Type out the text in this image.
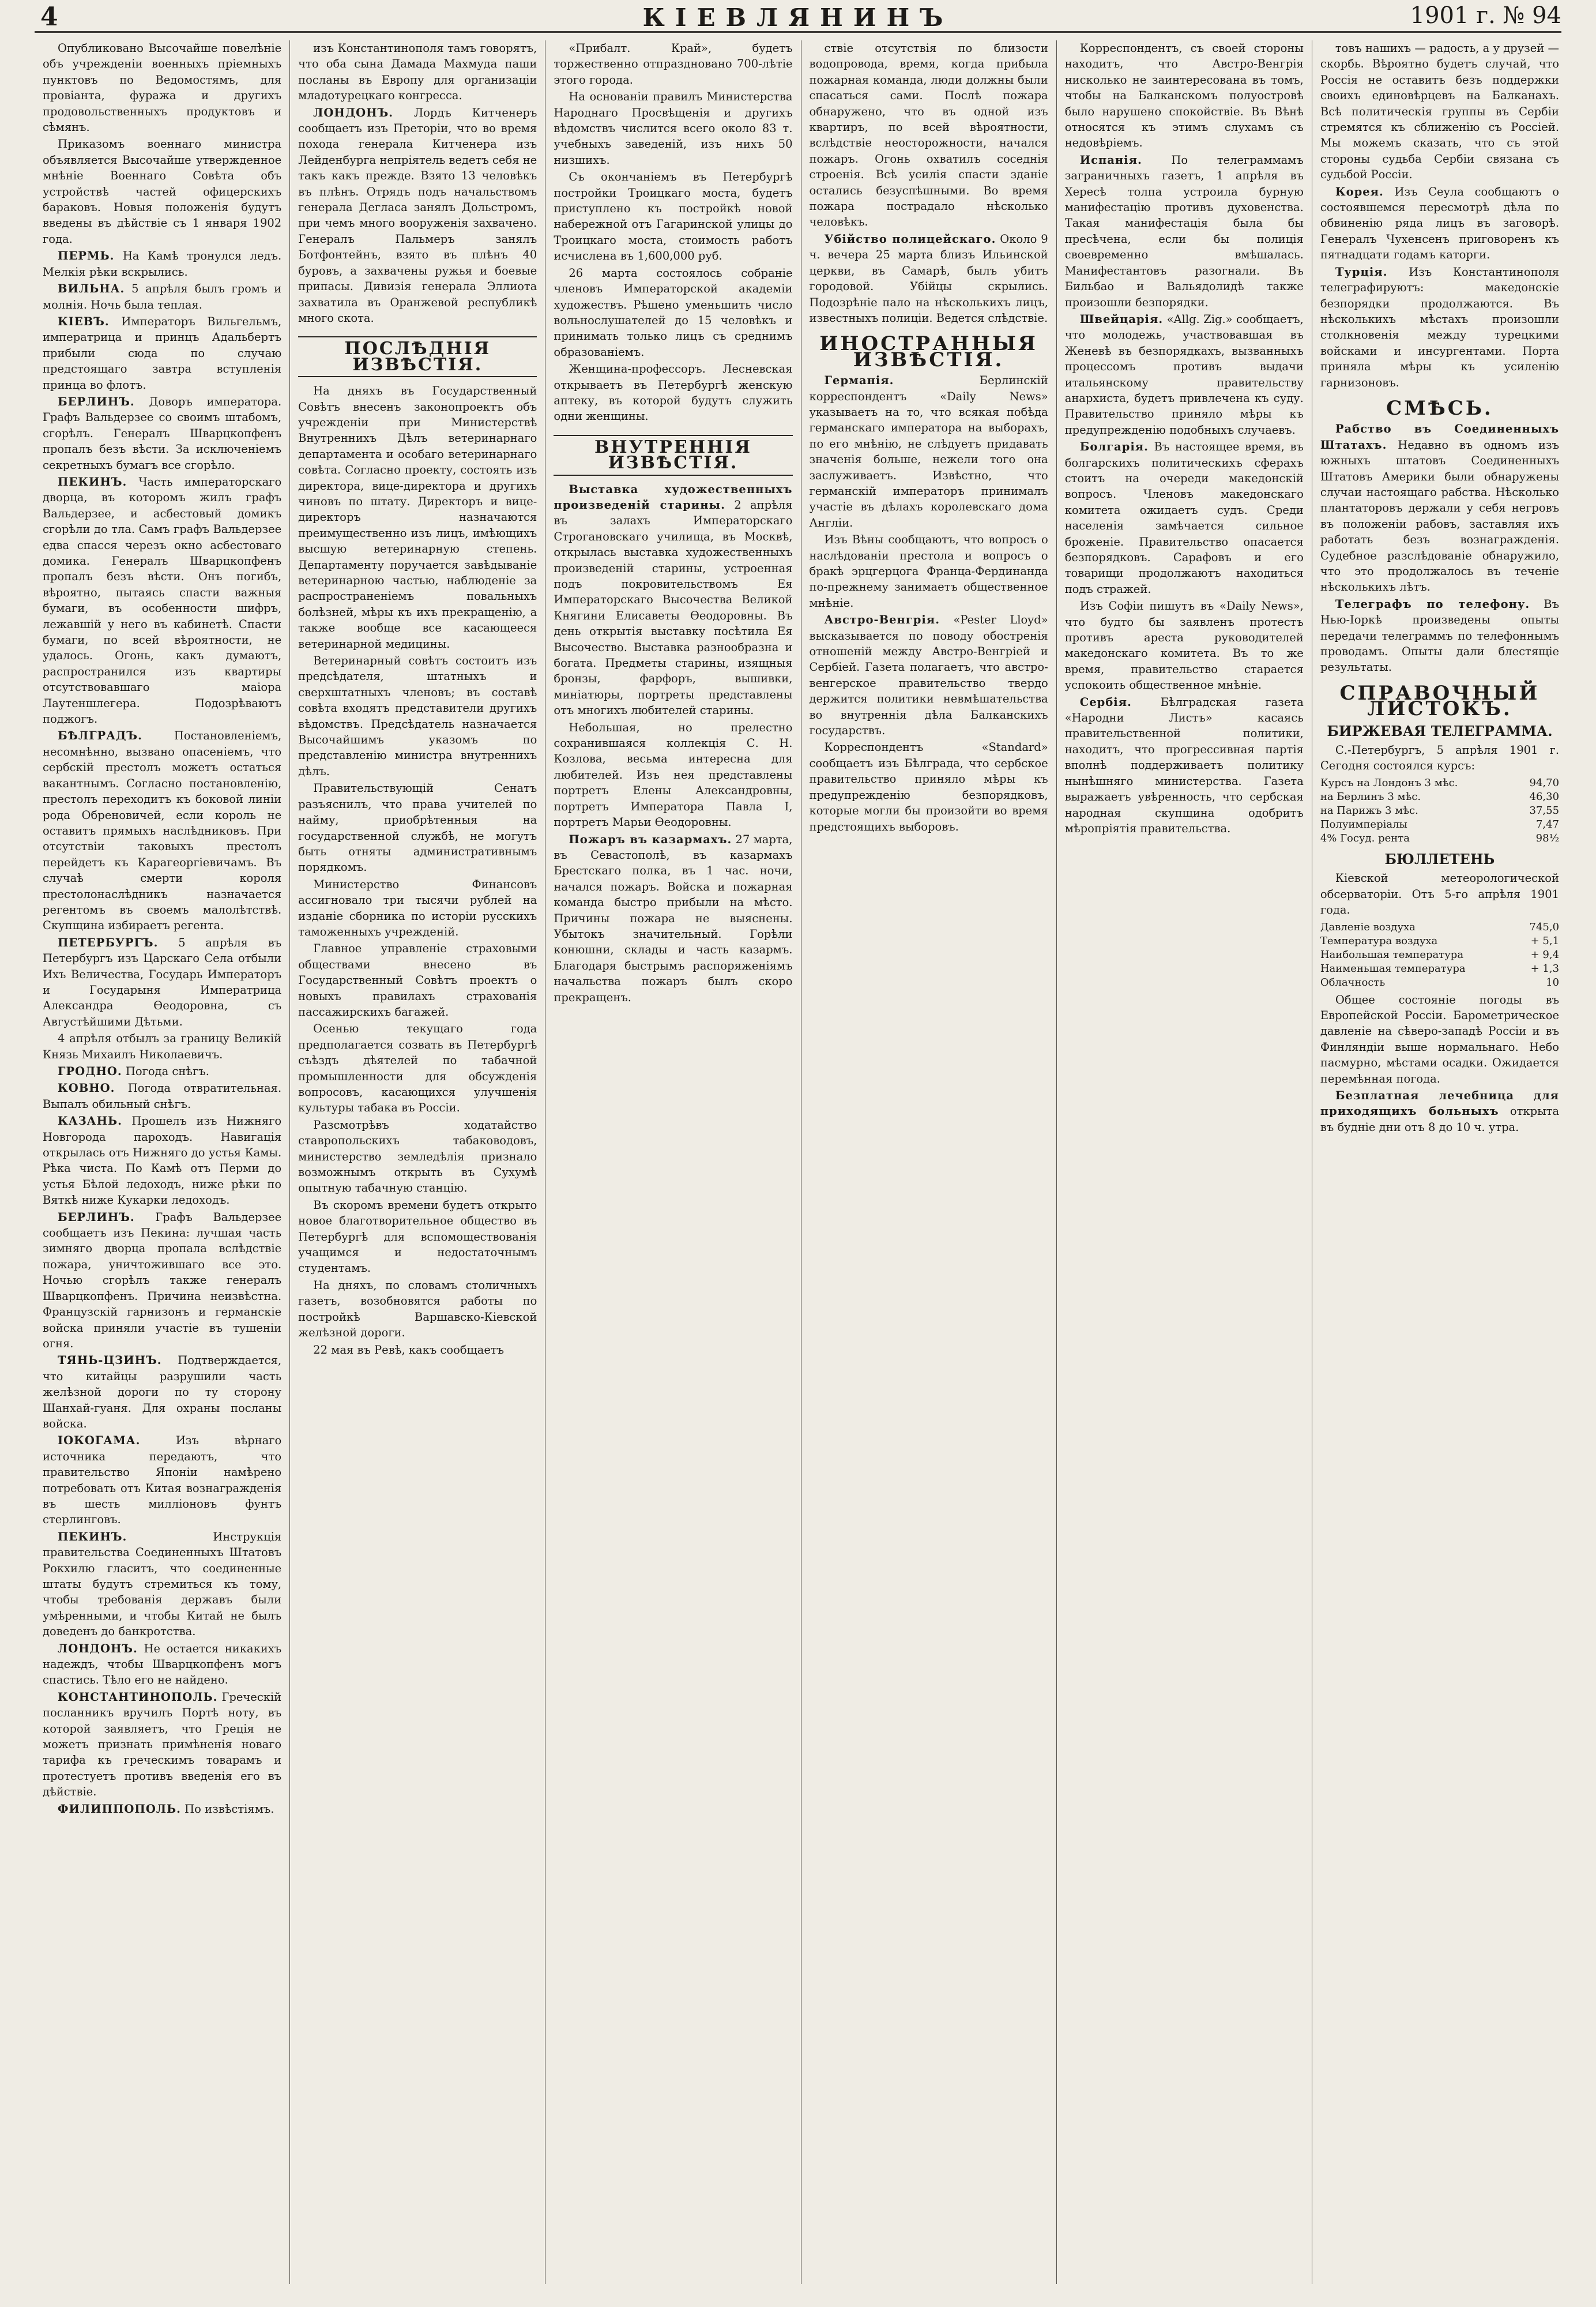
4	КІЕВЛЯНИНЪ	1901 г. № 94

Опубликовано Высочайше повелѣніе объ учрежденіи военныхъ пріемныхъ пунктовъ по Ведомостямъ, для провіанта, фуража и другихъ продовольственныхъ продуктовъ и сѣмянъ.

Приказомъ военнаго министра объявляется Высочайше утвержденное мнѣніе Военнаго Совѣта объ устройствѣ частей офицерскихъ бараковъ. Новыя положенія будутъ введены въ дѣйствіе съ 1 января 1902 года.

ПЕРМЬ. На Камѣ тронулся ледъ. Мелкія рѣки вскрылись.

ВИЛЬНА. 5 апрѣля былъ громъ и молнія. Ночь была теплая.

КІЕВЪ. Императоръ Вильгельмъ, императрица и принцъ Адальбертъ прибыли сюда по случаю предстоящаго завтра вступленія принца во флотъ.

БЕРЛИНЪ. Доворъ императора. Графъ Вальдерзее со своимъ штабомъ, сгорѣлъ. Генералъ Шварцкопфенъ пропалъ безъ вѣсти. За исключеніемъ секретныхъ бумагъ все сгорѣло.

ПЕКИНЪ. Часть императорскаго дворца, въ которомъ жилъ графъ Вальдерзее, и асбестовый домикъ сгорѣли до тла. Самъ графъ Вальдерзее едва спасся черезъ окно асбестоваго домика. Генералъ Шварцкопфенъ пропалъ безъ вѣсти. Онъ погибъ, вѣроятно, пытаясь спасти важныя бумаги, въ особенности шифръ, лежавшій у него въ кабинетѣ. Спасти бумаги, по всей вѣроятности, не удалось. Огонь, какъ думаютъ, распространился изъ квартиры отсутствовавшаго маіора Лаутеншлегера. Подозрѣваютъ поджогъ.

БѢЛГРАДЪ.	Постановленіемъ, несомнѣнно, вызвано опасеніемъ, что сербскій престолъ можетъ остаться вакантнымъ. Согласно постановленію, престолъ переходитъ къ боковой линіи рода Обреновичей, если король не оставитъ прямыхъ наслѣдниковъ. При отсутствіи таковыхъ престолъ перейдетъ къ Карагеоргіевичамъ. Въ случаѣ смерти короля престолонаслѣдникъ назначается регентомъ въ своемъ малолѣтствѣ. Скупщина избираетъ регента.

ПЕТЕРБУРГЪ. 5 апрѣля въ Петербургъ изъ Царскаго Села отбыли Ихъ Величества, Государь Императоръ и Государыня Императрица Александра Ѳеодоровна, съ Августѣйшими Дѣтьми.

4 апрѣля отбылъ за границу Великій Князь Михаилъ Николаевичъ.

ГРОДНО. Погода снѣгъ.

КОВНО. Погода отвратительная. Выпалъ обильный снѣгъ.

КАЗАНЬ. Прошелъ изъ Нижняго Новгорода пароходъ. Навигація открылась отъ Нижняго до устья Камы. Рѣка чиста. По Камѣ отъ Перми до устья Бѣлой ледоходъ, ниже рѣки по Вяткѣ ниже Кукарки ледоходъ.

БЕРЛИНЪ. Графъ Вальдерзее сообщаетъ изъ Пекина: лучшая часть зимняго дворца пропала вслѣдствіе пожара, уничтожившаго все это. Ночью сгорѣлъ также генералъ Шварцкопфенъ. Причина неизвѣстна. Французскій гарнизонъ и германскіе войска приняли участіе въ тушеніи огня.

ТЯНЬ-ЦЗИНЪ. Подтверждается, что китайцы разрушили часть желѣзной дороги по ту сторону Шанхай-гуаня. Для охраны посланы войска.

ІОКОГАМА.	Изъ вѣрнаго источника передаютъ, что правительство Японіи намѣрено потребовать отъ Китая вознагражденія въ шесть милліоновъ фунтъ стерлинговъ.

ПЕКИНЪ.	Инструкція правительства Соединенныхъ Штатовъ Рокхилю гласитъ, что соединенные штаты будутъ стремиться къ тому, чтобы требованія державъ были умѣренными, и чтобы Китай не былъ доведенъ до банкротства.

ЛОНДОНЪ. Не остается никакихъ надеждъ, чтобы Шварцкопфенъ могъ спастись. Тѣло его не найдено.

КОНСТАНТИНОПОЛЬ. Греческій посланникъ вручилъ Портѣ ноту, въ которой заявляетъ, что Греція не можетъ признать примѣненія новаго тарифа къ греческимъ товарамъ и протестуетъ противъ введенія его въ дѣйствіе.

ФИЛИППОПОЛЬ. По извѣстіямъ.

изъ Константинополя тамъ говорятъ, что оба сына Дамада Махмуда паши посланы въ Европу для организаціи младотурецкаго конгресса.

ЛОНДОНЪ. Лордъ Китченеръ сообщаетъ изъ Преторіи, что во время похода генерала Китченера изъ Лейденбурга непріятель ведетъ себя не такъ какъ прежде. Взято 13 человѣкъ въ плѣнъ. Отрядъ подъ начальствомъ генерала Дегласа занялъ Дольстромъ, при чемъ много вооруженія захвачено. Генералъ Пальмеръ занялъ Ботфонтейнъ, взято въ плѣнъ 40 буровъ, а захвачены ружья и боевые припасы. Дивизія генерала Эллиота захватила въ Оранжевой республикѣ много скота.

ПОСЛѢДНІЯ ИЗВѢСТІЯ.

На дняхъ въ Государственный Совѣтъ внесенъ законопроектъ объ учрежденіи при Министерствѣ Внутреннихъ Дѣлъ ветеринарнаго департамента и особаго ветеринарнаго совѣта. Согласно проекту, состоять изъ директора, вице-директора и другихъ чиновъ по штату. Директоръ и вице-директоръ назначаются преимущественно изъ лицъ, имѣющихъ высшую ветеринарную степень. Департаменту поручается завѣдываніе ветеринарною частью, наблюденіе за распространеніемъ повальныхъ болѣзней, мѣры къ ихъ прекращенію, а также вообще все касающееся ветеринарной медицины.

Ветеринарный совѣтъ состоитъ изъ предсѣдателя, штатныхъ и сверхштатныхъ членовъ; въ составѣ совѣта входятъ представители другихъ вѣдомствъ. Предсѣдатель назначается Высочайшимъ указомъ по представленію министра внутреннихъ дѣлъ.

Правительствующій Сенатъ разъяснилъ, что права учителей по найму, приобрѣтенныя на государственной службѣ, не могутъ быть отняты административнымъ порядкомъ.

Министерство Финансовъ ассигновало три тысячи рублей на изданіе сборника по исторіи русскихъ таможенныхъ учрежденій.

Главное управленіе страховыми обществами внесено въ Государственный Совѣтъ проектъ о новыхъ правилахъ страхованія пассажирскихъ багажей.

Осенью текущаго года предполагается созвать въ Петербургѣ съѣздъ дѣятелей по табачной промышленности для обсужденія вопросовъ, касающихся улучшенія культуры табака въ Россіи.

Разсмотрѣвъ ходатайство ставропольскихъ табаководовъ, министерство земледѣлія признало возможнымъ открыть въ Сухумѣ опытную табачную станцію.

Въ скоромъ времени будетъ открыто новое благотворительное общество въ Петербургѣ для вспомоществованія учащимся и недостаточнымъ студентамъ.

На дняхъ, по словамъ столичныхъ газетъ, возобновятся работы по постройкѣ Варшавско-Кіевской желѣзной дороги.

22 мая въ Ревѣ, какъ сообщаетъ

«Прибалт. Край», будетъ торжественно отпраздновано 700-лѣтіе этого города.

На основаніи правилъ Министерства Народнаго Просвѣщенія и другихъ вѣдомствъ числится всего около 83 т. учебныхъ заведеній, изъ нихъ 50 низшихъ.

Съ окончаніемъ въ Петербургѣ постройки Троицкаго моста, будетъ приступлено къ постройкѣ новой набережной отъ Гагаринской улицы до Троицкаго моста, стоимость работъ исчислена въ 1,600,000 руб.

26 марта состоялось собраніе членовъ Императорской академіи художествъ. Рѣшено уменьшить число вольнослушателей до 15 человѣкъ и принимать только лицъ съ среднимъ образованіемъ.

Женщина-профессоръ. Лесневская открываетъ въ Петербургѣ женскую аптеку, въ которой будутъ служить одни женщины.

ВНУТРЕННІЯ ИЗВѢСТІЯ.

Выставка художественныхъ произведеній старины. 2 апрѣля въ залахъ Императорскаго Строгановскаго училища, въ Москвѣ, открылась выставка художественныхъ произведеній старины, устроенная подъ покровительствомъ Ея Императорскаго Высочества Великой Княгини Елисаветы Ѳеодоровны. Въ день открытія выставку посѣтила Ея Высочество. Выставка разнообразна и богата. Предметы старины, изящныя бронзы, фарфоръ, вышивки, миніатюры, портреты представлены отъ многихъ любителей старины.

Небольшая, но прелестно сохранившаяся коллекція С. Н. Козлова, весьма интересна для любителей. Изъ нея представлены портретъ Елены Александровны, портретъ Императора Павла I, портретъ Марьи Ѳеодоровны.

Пожаръ въ казармахъ. 27 марта, въ Севастополѣ, въ казармахъ Брестскаго полка, въ 1 час. ночи, начался пожаръ. Войска и пожарная команда быстро прибыли на мѣсто. Причины пожара не выяснены. Убытокъ значительный. Горѣли конюшни, склады и часть казармъ. Благодаря быстрымъ распоряженіямъ начальства пожаръ былъ скоро прекращенъ.

ствіе отсутствія по близости водопровода, время, когда прибыла пожарная команда, люди должны были спасаться сами. Послѣ пожара обнаружено, что въ одной изъ квартиръ, по всей вѣроятности, вслѣдствіе неосторожности, начался пожаръ. Огонь охватилъ соседнія строенія. Всѣ усилія спасти зданіе остались безуспѣшными. Во время пожара пострадало нѣсколько человѣкъ.

Убійство полицейскаго. Около 9 ч. вечера 25 марта близъ Ильинской церкви, въ Самарѣ, былъ убитъ городовой. Убійцы скрылись. Подозрѣніе пало на нѣсколькихъ лицъ, известныхъ полиціи. Ведется слѣдствіе.

ИНОСТРАННЫЯ ИЗВѢСТІЯ.

Германія.	Берлинскій корреспондентъ «Daily News» указываетъ на то, что всякая побѣда германскаго императора на выборахъ, по его мнѣнію, не слѣдуетъ придавать значенія больше, нежели того она заслуживаетъ. Извѣстно, что германскій императоръ принималъ участіе въ дѣлахъ королевскаго дома Англіи.

Изъ Вѣны сообщаютъ, что вопросъ о наслѣдованіи престола и вопросъ о бракѣ эрцгерцога Франца-Фердинанда по-прежнему занимаетъ общественное мнѣніе.

Австро-Венгрія. «Pester Lloyd» высказывается по поводу обостренія отношеній между Австро-Венгріей и Сербіей. Газета полагаетъ, что австро-венгерское правительство твердо держится политики невмѣшательства во внутреннія дѣла Балканскихъ государствъ.

Корреспондентъ «Standard» сообщаетъ изъ Бѣлграда, что сербское правительство приняло мѣры къ предупрежденію безпорядковъ, которые могли бы произойти во время предстоящихъ выборовъ.

Корреспондентъ, съ своей стороны находитъ, что Австро-Венгрія нисколько не заинтересована въ томъ, чтобы на Балканскомъ полуостровѣ было нарушено спокойствіе. Въ Вѣнѣ относятся къ этимъ слухамъ съ недовѣріемъ.

Испанія.	По телеграммамъ заграничныхъ газетъ, 1 апрѣля въ Хересѣ толпа устроила бурную манифестацію противъ духовенства. Такая манифестація была бы пресѣчена, если бы полиція своевременно вмѣшалась. Манифестантовъ разогнали. Въ Бильбао и Вальядолидѣ также произошли безпорядки.

Швейцарія. «Allg. Zig.» сообщаетъ, что молодежь, участвовавшая въ Женевѣ въ безпорядкахъ, вызванныхъ процессомъ противъ выдачи итальянскому правительству анархиста, будетъ привлечена къ суду. Правительство приняло мѣры къ предупрежденію подобныхъ случаевъ.

Болгарія. Въ настоящее время, въ болгарскихъ политическихъ сферахъ стоитъ на очереди македонскій вопросъ. Членовъ македонскаго комитета ожидаетъ судъ. Среди населенія замѣчается сильное броженіе. Правительство опасается безпорядковъ. Сарафовъ и его товарищи продолжаютъ находиться подъ стражей.

Изъ Софіи пишутъ въ «Daily News», что будто бы заявленъ протестъ противъ ареста руководителей македонскаго комитета. Въ то же время, правительство старается успокоить общественное мнѣніе.

Сербія.	Бѣлградская газета «Народни Листъ» касаясь правительственной политики, находитъ, что прогрессивная партія вполнѣ поддерживаетъ политику нынѣшняго министерства. Газета выражаетъ увѣренность, что сербская народная скупщина одобритъ мѣропріятія правительства.

товъ нашихъ — радость, а у друзей — скорбь. Вѣроятно будетъ случай, что Россія не оставитъ безъ поддержки своихъ единовѣрцевъ на Балканахъ. Всѣ политическія группы въ Сербіи стремятся къ сближенію съ Россіей. Мы можемъ сказать, что съ этой стороны судьба Сербіи связана съ судьбой Россіи.

Корея. Изъ Сеула сообщаютъ о состоявшемся пересмотрѣ дѣла по обвиненію ряда лицъ въ заговорѣ. Генералъ Чухенсенъ приговоренъ къ пятнадцати годамъ каторги.

Турція. Изъ Константинополя телеграфируютъ: македонскіе безпорядки продолжаются. Въ нѣсколькихъ мѣстахъ произошли столкновенія между турецкими войсками и инсургентами. Порта приняла мѣры къ усиленію гарнизоновъ.

СМѢСЬ.

Рабство въ Соединенныхъ Штатахъ. Недавно въ одномъ изъ южныхъ штатовъ Соединенныхъ Штатовъ Америки были обнаружены случаи настоящаго рабства. Нѣсколько плантаторовъ держали у себя негровъ въ положеніи рабовъ, заставляя ихъ работать безъ вознагражденія. Судебное разслѣдованіе обнаружило, что это продолжалось въ теченіе нѣсколькихъ лѣтъ.

Телеграфъ по телефону. Въ Нью-Іоркѣ произведены опыты передачи телеграммъ по телефоннымъ проводамъ. Опыты дали блестящіе результаты.

СПРАВОЧНЫЙ ЛИСТОКЪ.
БИРЖЕВАЯ ТЕЛЕГРАММА.

С.-Петербургъ, 5 апрѣля 1901 г. Сегодня состоялся курсъ:

Курсъ на Лондонъ 3 мѣс.	94,70
на Берлинъ 3 мѣс.	46,30
на Парижъ 3 мѣс.	37,55
Полуимперіалы	7,47
4% Госуд. рента	98½
БЮЛЛЕТЕНЬ

Кіевской метеорологической обсерваторіи. Отъ 5-го апрѣля 1901 года.

Давленіе воздуха	745,0
Температура воздуха	+ 5,1
Наибольшая температура	+ 9,4
Наименьшая температура	+ 1,3
Облачность	10

Общее состояніе погоды въ Европейской Россіи. Барометрическое давленіе на сѣверо-западѣ Россіи и въ Финляндіи выше нормальнаго. Небо пасмурно, мѣстами осадки. Ожидается перемѣнная погода.

Безплатная лечебница для приходящихъ больныхъ открыта въ будніе дни отъ 8 до 10 ч. утра.
